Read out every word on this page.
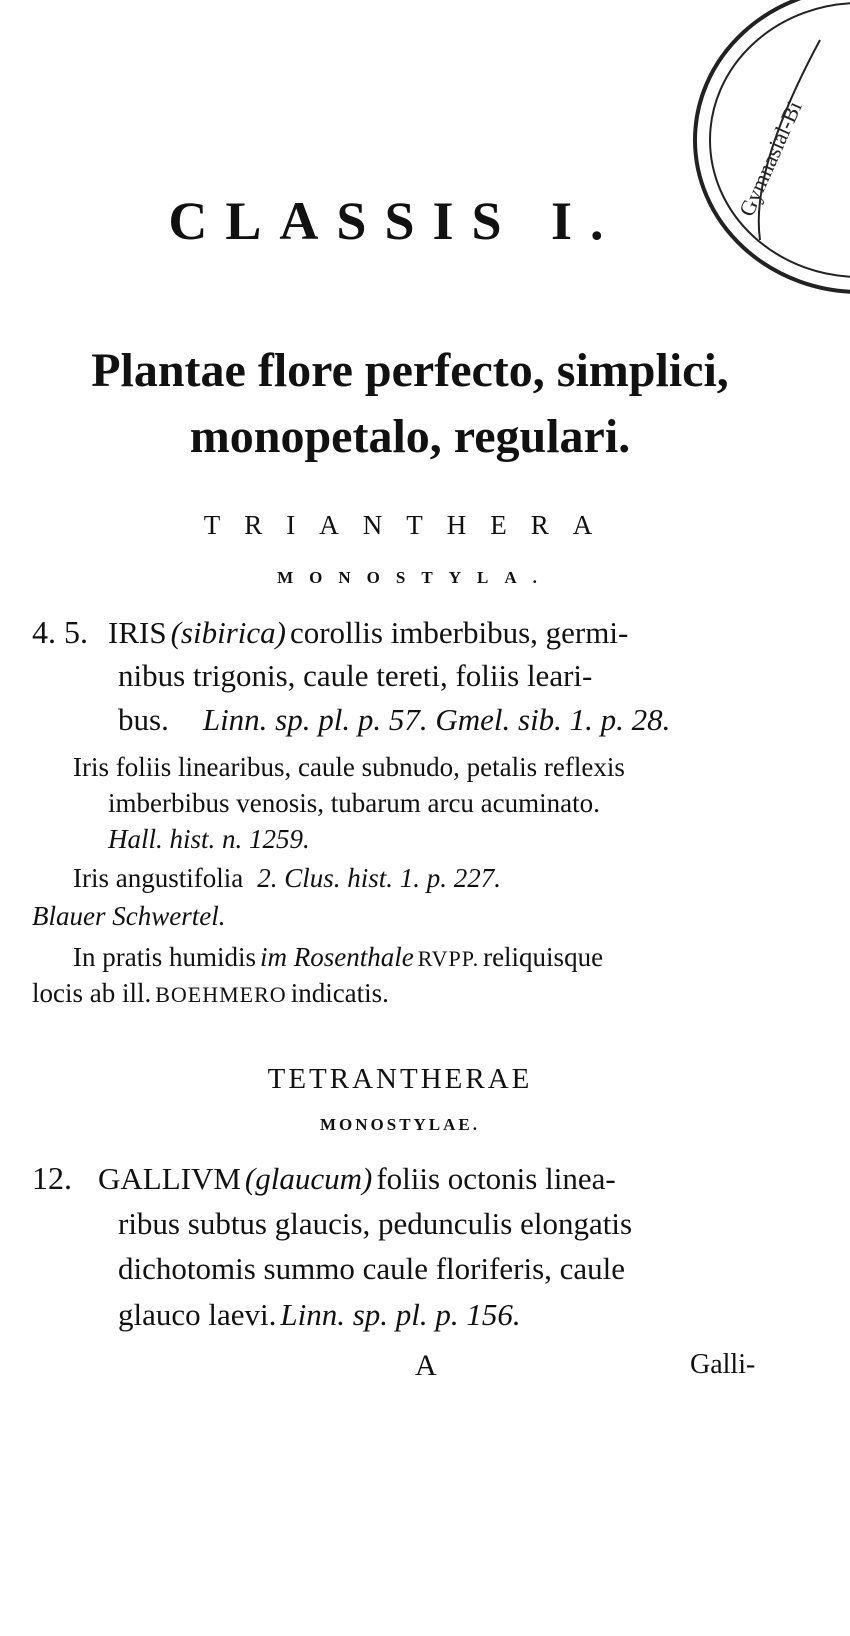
CLASSIS I.
Plantae flore perfecto, simplici, monopetalo, regulari.
TRIANTHERA
MONOSTYLA.
4. 5. IRIS (sibirica) corollis imberbibus, germi-
nibus trigonis, caule tereti, foliis leari-
bus. Linn. sp. pl. p. 57. Gmel. sib. 1. p. 28.
Iris foliis linearibus, caule subnudo, petalis reflexis
imberbibus venosis, tubarum arcu acuminato.
Hall. hist. n. 1259.
Iris angustifolia 2. Clus. hist. 1. p. 227.
Blauer Schwertel.
In pratis humidis im Rosenthale RVPP. reliquisque
locis ab ill. BOEHMERO indicatis.
TETRANTHERAE
MONOSTYLAE.
12. GALLIVM (glaucum) foliis octonis linea-
ribus subtus glaucis, pedunculis elongatis
dichotomis summo caule floriferis, caule
glauco laevi. Linn. sp. pl. p. 156.
A	Galli-
Gymnasial-Bi
